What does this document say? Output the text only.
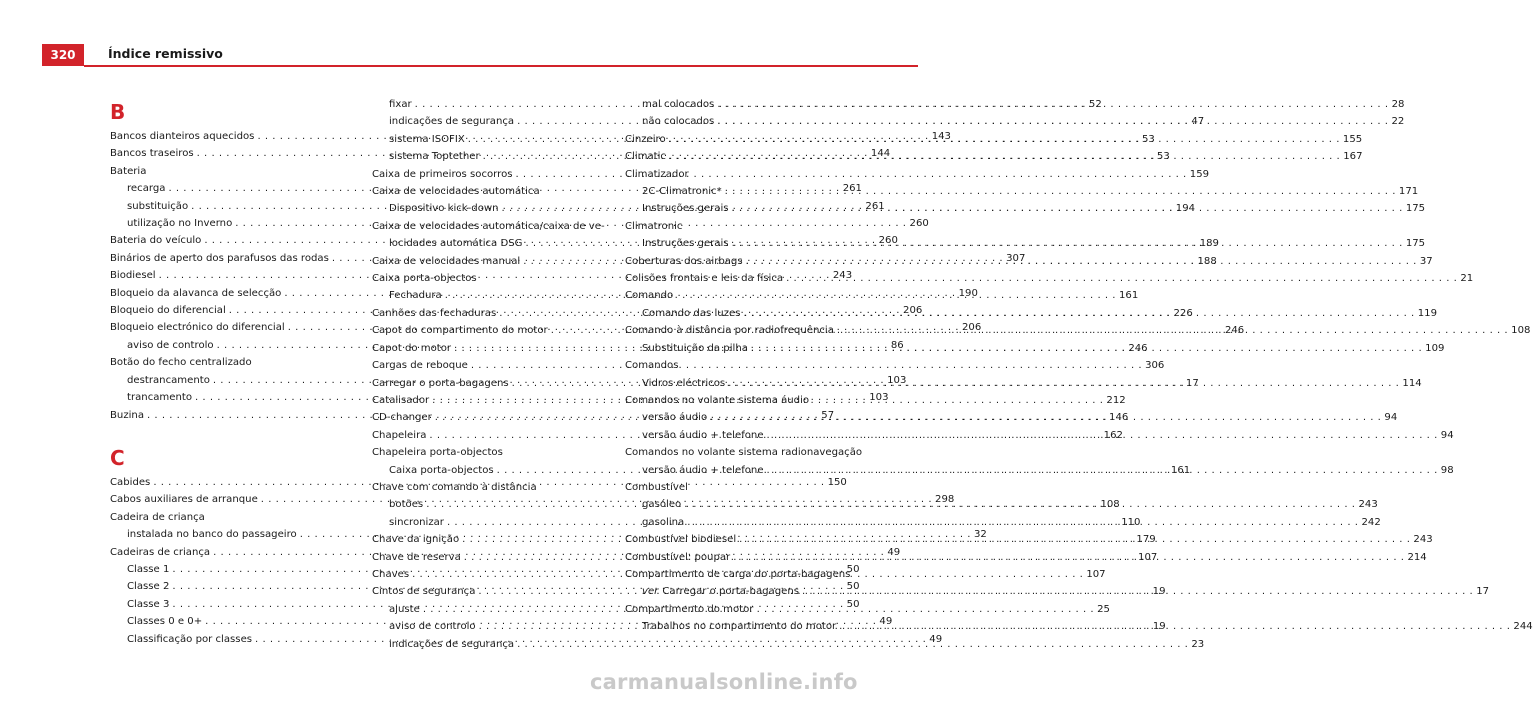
320	Índice remissivo
B
Bancos dianteiros aquecidos . . .	143
Bancos traseiros . . .	144
Bateria
recarga . . .	261
substituição . . .	261
utilização no Inverno . . .	260
Bateria do veículo . . .	260
Binários de aperto dos parafusos das rodas . . .	307
Biodiesel . . .	243
Bloqueio da alavanca de selecção . . .	190
Bloqueio do diferencial . . .	206
Bloqueio electrónico do diferencial . . .	206
aviso de controlo . . .	86
Botão do fecho centralizado
destrancamento . . .	103
trancamento . . .	103
Buzina . . .	57
C
Cabides . . .	150
Cabos auxiliares de arranque . . .	298
Cadeira de criança
instalada no banco do passageiro . . .	32
Cadeiras de criança . . .	49
Classe 1 . . .	50
Classe 2 . . .	50
Classe 3 . . .	50
Classes 0 e 0+ . . .	49
Classificação por classes . . .	49
fixar . . .	52
indicações de segurança . . .	47
sistema ISOFIX . . .	53
sistema Toptether . . .	53
Caixa de primeiros socorros . . .	159
Caixa de velocidades automática
Dispositivo kick-down . . .	194
Caixa de velocidades automática/caixa de ve-
locidades automática DSG . . .	189
Caixa de velocidades manual . . .	188
Caixa porta-objectos
Fechadura . . .	161
Canhões das fechaduras . . .	226
Capot do compartimento do motor . . .	246
Capot do motor . . .	246
Cargas de reboque . . .	306
Carregar o porta-bagagens . . .	17
Catalisador . . .	212
CD-changer . . .	146
Chapeleira . . .	162
Chapeleira porta-objectos
Caixa porta-objectos . . .	161
Chave com comando à distância
botões . . .	108
sincronizar . . .	110
Chave da ignição . . .	179
Chave de reserva . . .	107
Chaves . . .	107
Cintos de segurança . . .	19
ajuste . . .	25
aviso de controlo . . .	19
indicações de segurança . . .	23
mal colocados . . .	28
não colocados . . .	22
Cinzeiro . . .	155
Climatic . . .	167
Climatizador
2C-Climatronic* . . .	171
Instruções gerais . . .	175
Climatronic
Instruções gerais . . .	175
Coberturas dos airbags . . .	37
Colisões frontais e leis da física . . .	21
Comando
Comando das luzes . . .	119
Comando à distância por radiofrequência . . .	108
Substituição da pilha . . .	109
Comandos
Vidros eléctricos . . .	114
Comandos no volante sistema áudio
versão áudio . . .	94
versão áudio + telefone . . .	94
Comandos no volante sistema radionavegação
versão áudio + telefone . . .	98
Combustível
gasóleo . . .	243
gasolina . . .	242
Combustível biodiesel . . .	243
Combustível: poupar . . .	214
Compartimento de carga do porta-bagagens
ver Carregar o porta-bagagens . . .	17
Compartimento do motor
Trabalhos no compartimento do motor . . .	244
carmanualsonline.info
